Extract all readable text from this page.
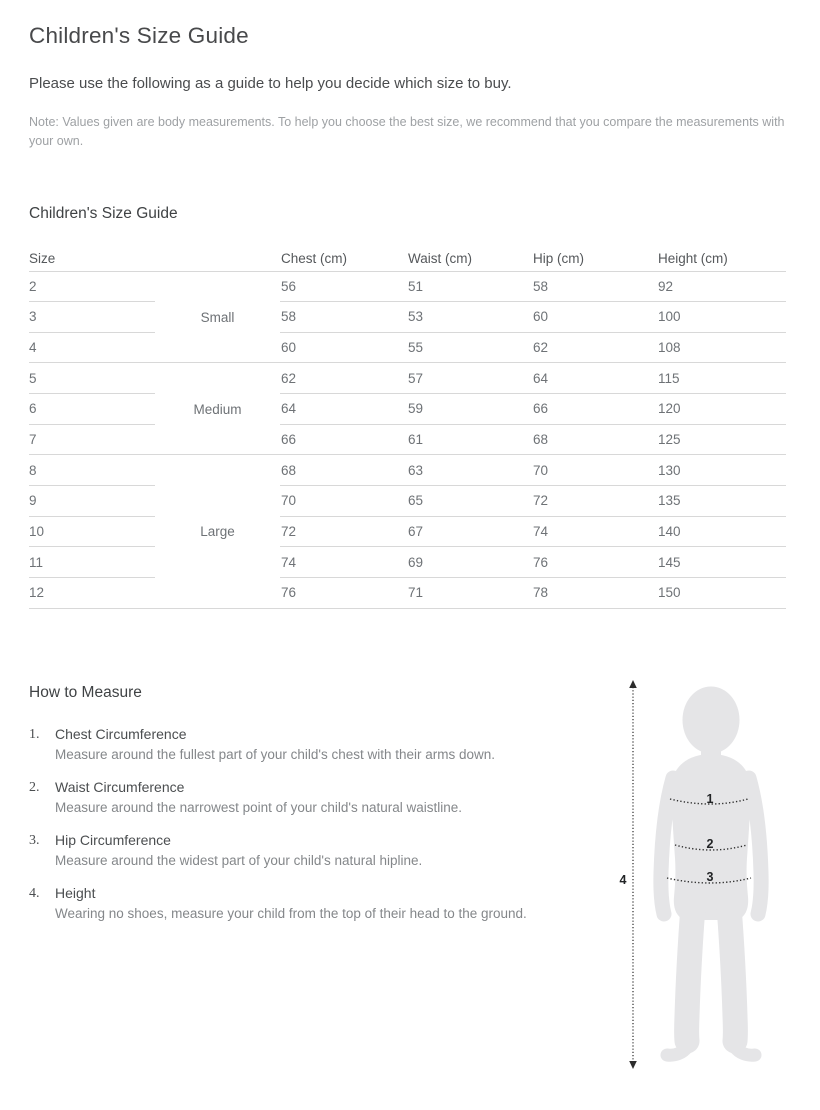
Children's Size Guide

Please use the following as a guide to help you decide which size to buy.

Note: Values given are body measurements. To help you choose the best size, we recommend that you compare the measurements with your own.

Children's Size Guide
Size	Chest (cm)	Waist (cm)	Hip (cm)	Height (cm)
2	56	51	58	92
3	Small	58	53	60	100
4	60	55	62	108
5	62	57	64	115
6	Medium	64	59	66	120
7	66	61	68	125
8	68	63	70	130
9	70	65	72	135
10	Large	72	67	74	140
11	74	69	76	145
12	76	71	78	150
How to Measure
1.	Chest Circumference
Measure around the fullest part of your child's chest with their arms down.
2.	Waist Circumference
Measure around the narrowest point of your child's natural waistline.
3.	Hip Circumference
Measure around the widest part of your child's natural hipline.
4.	Height
Wearing no shoes, measure your child from the top of their head to the ground.
1
2
3
4
